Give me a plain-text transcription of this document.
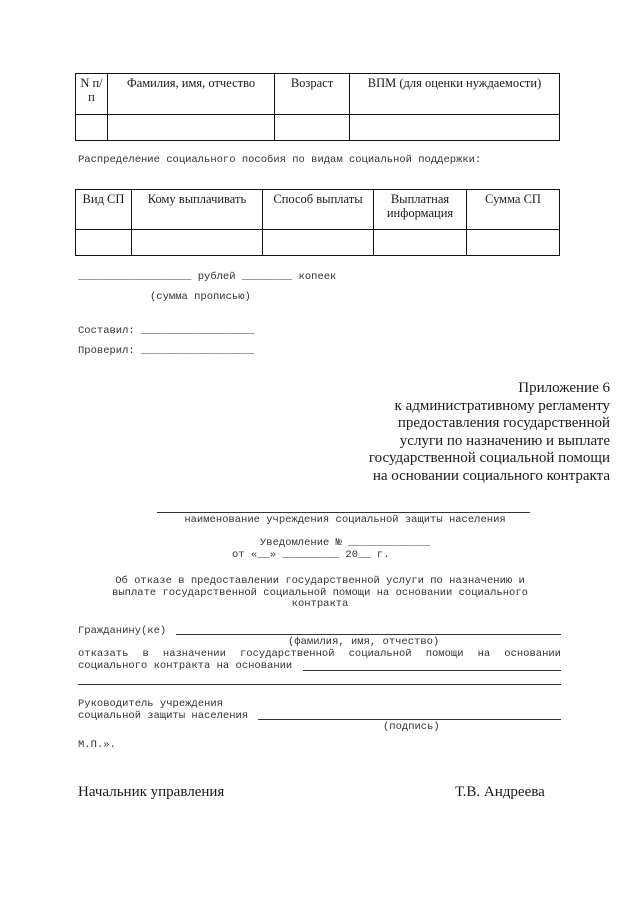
N п/п	Фамилия, имя, отчество	Возраст	ВПМ (для оценки нуждаемости)

Распределение социального пособия по видам социальной поддержки:
Вид СП	Кому выплачивать	Способ выплаты	Выплатная информация	Сумма СП

__________________ рублей ________ копеек
(сумма прописью)
Составил: __________________
Проверил: __________________
Приложение 6
к административному регламенту
предоставления государственной
услуги по назначению и выплате
государственной социальной помощи
на основании социального контракта
наименование учреждения социальной защиты населения
Уведомление № _____________
от «__» _________ 20__ г.
Об отказе в предоставлении государственной услуги по назначению и
выплате государственной социальной помощи на основании социального
контракта
Гражданину(ке)
(фамилия, имя, отчество)
отказать в назначении государственной социальной помощи на основании
социального контракта на основании
Руководитель учреждения
социальной защиты населения
(подпись)
М.П.».
Начальник управления	Т.В. Андреева
